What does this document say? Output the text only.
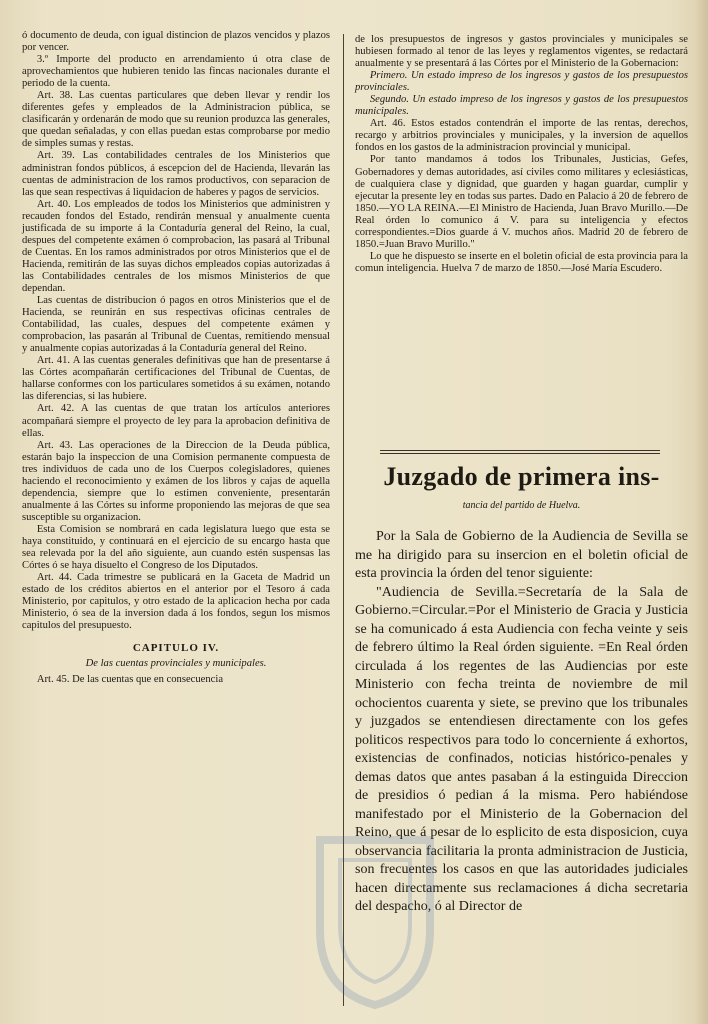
ó documento de deuda, con igual distincion de plazos vencidos y plazos por vencer.

3.º Importe del producto en arrendamiento ú otra clase de aprovechamientos que hubieren tenido las fincas nacionales durante el periodo de la cuenta.

Art. 38. Las cuentas particulares que deben llevar y rendir los diferentes gefes y empleados de la Administracion pública, se clasificarán y ordenarán de modo que su reunion produzca las generales, que quedan señaladas, y con ellas puedan estas comprobarse por medio de simples sumas y restas.

Art. 39. Las contabilidades centrales de los Ministerios que administran fondos públicos, á escepcion del de Hacienda, llevarán las cuentas de administracion de los ramos productivos, con separacion de las que sean respectivas á liquidacion de haberes y pagos de servicios.

Art. 40. Los empleados de todos los Ministerios que administren y recauden fondos del Estado, rendirán mensual y anualmente cuenta justificada de su importe á la Contaduría general del Reino, la cual, despues del competente exámen ó comprobacion, las pasará al Tribunal de Cuentas. En los ramos administrados por otros Ministerios que el de Hacienda, remitirán de las suyas dichos empleados copias autorizadas á las Contabilidades centrales de los mismos Ministerios de que dependan.

Las cuentas de distribucion ó pagos en otros Ministerios que el de Hacienda, se reunirán en sus respectivas oficinas centrales de Contabilidad, las cuales, despues del competente exámen y comprobacion, las pasarán al Tribunal de Cuentas, remitiendo mensual y anualmente copias autorizadas á la Contaduría general del Reino.

Art. 41. A las cuentas generales definitivas que han de presentarse á las Córtes acompañarán certificaciones del Tribunal de Cuentas, de hallarse conformes con los particulares sometidos á su exámen, notando las diferencias, si las hubiere.

Art. 42. A las cuentas de que tratan los artículos anteriores acompañará siempre el proyecto de ley para la aprobacion definitiva de ellas.

Art. 43. Las operaciones de la Direccion de la Deuda pública, estarán bajo la inspeccion de una Comision permanente compuesta de tres individuos de cada uno de los Cuerpos colegisladores, quienes haciendo el reconocimiento y exámen de los libros y cajas de aquella dependencia, siempre que lo estimen conveniente, presentarán anualmente á las Córtes su informe proponiendo las mejoras de que sea susceptible su organizacion.

Esta Comision se nombrará en cada legislatura luego que esta se haya constituido, y continuará en el ejercicio de su encargo hasta que sea relevada por la del año siguiente, aun cuando estén suspensas las Córtes ó se haya disuelto el Congreso de los Diputados.

Art. 44. Cada trimestre se publicará en la Gaceta de Madrid un estado de los créditos abiertos en el anterior por el Tesoro á cada Ministerio, por capitulos, y otro estado de la aplicacion hecha por cada Ministerio, ó sea de la inversion dada á los fondos, segun los mismos capitulos del presupuesto.

CAPITULO IV.

De las cuentas provinciales y municipales.

Art. 45. De las cuentas que en consecuencia

de los presupuestos de ingresos y gastos provinciales y municipales se hubiesen formado al tenor de las leyes y reglamentos vigentes, se redactará anualmente y se presentará á las Córtes por el Ministerio de la Gobernacion:

Primero. Un estado impreso de los ingresos y gastos de los presupuestos provinciales.

Segundo. Un estado impreso de los ingresos y gastos de los presupuestos municipales.

Art. 46. Estos estados contendrán el importe de las rentas, derechos, recargo y arbitrios provinciales y municipales, y la inversion de aquellos fondos en los gastos de la administracion provincial y municipal.

Por tanto mandamos á todos los Tribunales, Justicias, Gefes, Gobernadores y demas autoridades, así civiles como militares y eclesiásticas, de cualquiera clase y dignidad, que guarden y hagan guardar, cumplir y ejecutar la presente ley en todas sus partes. Dado en Palacio á 20 de febrero de 1850.—YO LA REINA.—El Ministro de Hacienda, Juan Bravo Murillo.—De Real órden lo comunico á V. para su inteligencia y efectos correspondientes.=Dios guarde á V. muchos años. Madrid 20 de febrero de 1850.=Juan Bravo Murillo."

Lo que he dispuesto se inserte en el boletin oficial de esta provincia para la comun inteligencia. Huelva 7 de marzo de 1850.—José María Escudero.

Juzgado de primera ins-
tancia del partido de Huelva.

Por la Sala de Gobierno de la Audiencia de Sevilla se me ha dirigido para su insercion en el boletin oficial de esta provincia la órden del tenor siguiente:

"Audiencia de Sevilla.=Secretaría de la Sala de Gobierno.=Circular.=Por el Ministerio de Gracia y Justicia se ha comunicado á esta Audiencia con fecha veinte y seis de febrero último la Real órden siguiente. =En Real órden circulada á los regentes de las Audiencias por este Ministerio con fecha treinta de noviembre de mil ochocientos cuarenta y siete, se previno que los tribunales y juzgados se entendiesen directamente con los gefes politicos respectivos para todo lo concerniente á exhortos, existencias de confinados, noticias histórico-penales y demas datos que antes pasaban á la estinguida Direccion de presidios ó pedian á la misma. Pero habiéndose manifestado por el Ministerio de la Gobernacion del Reino, que á pesar de lo esplicito de esta disposicion, cuya observancia facilitaria la pronta administracion de Justicia, son frecuentes los casos en que las autoridades judiciales hacen directamente sus reclamaciones á dicha secretaria del despacho, ó al Director de
